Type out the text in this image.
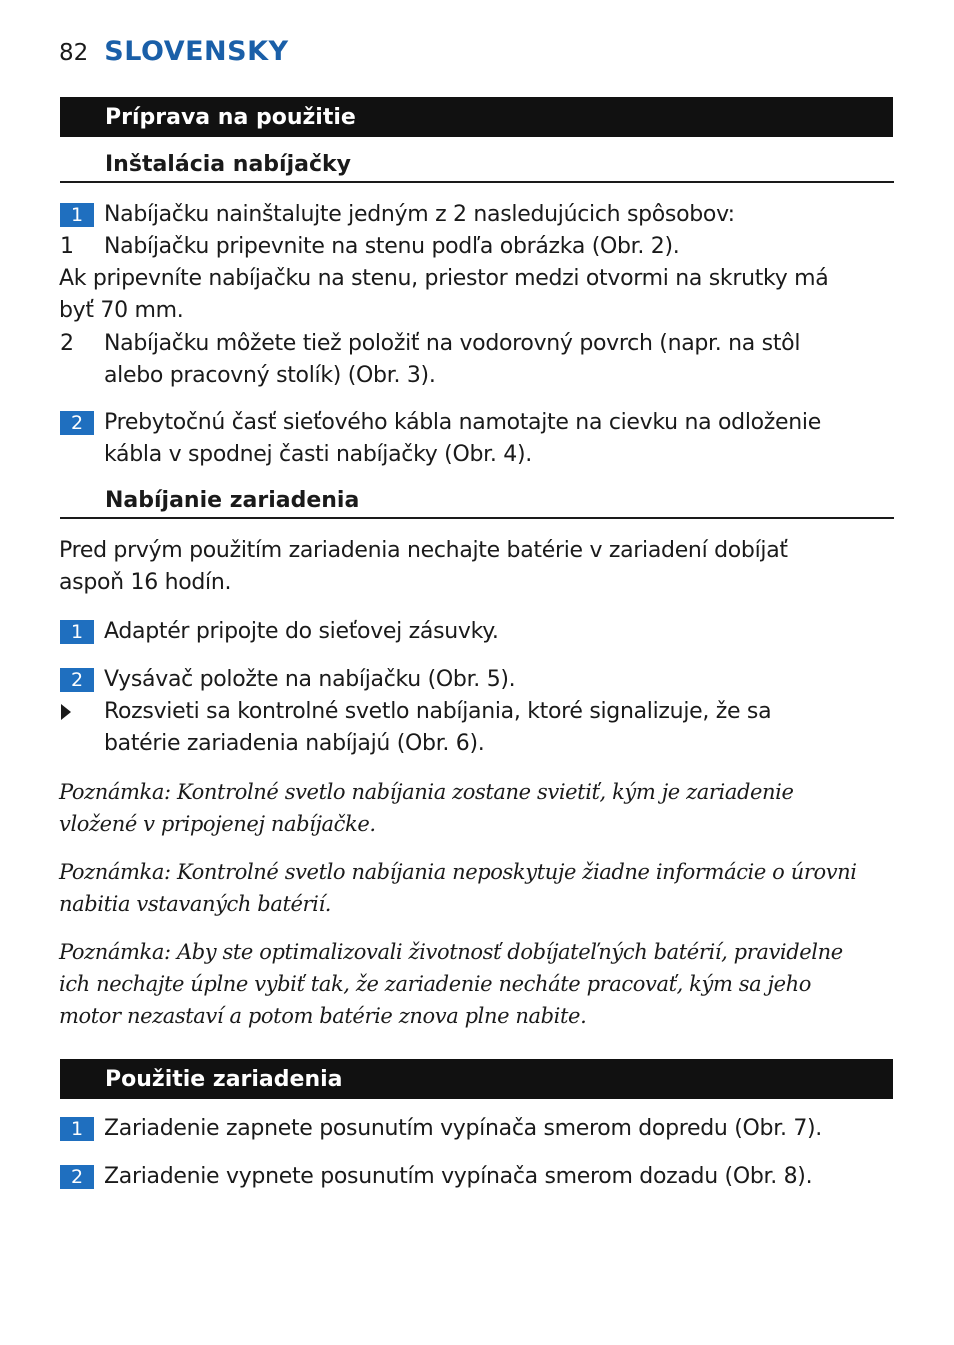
82 SLOVENSKY
Príprava na použitie
Inštalácia nabíjačky
1 Nabíjačku nainštalujte jedným z 2 nasledujúcich spôsobov:
1	Nabíjačku pripevnite na stenu podľa obrázka (Obr. 2).
Ak pripevníte nabíjačku na stenu, priestor medzi otvormi na skrutky má
byť 70 mm.
2	Nabíjačku môžete tiež položiť na vodorovný povrch (napr. na stôl
alebo pracovný stolík) (Obr. 3).
2 Prebytočnú časť sieťového kábla namotajte na cievku na odloženie
kábla v spodnej časti nabíjačky (Obr. 4).
Nabíjanie zariadenia
Pred prvým použitím zariadenia nechajte batérie v zariadení dobíjať
aspoň 16 hodín.
1 Adaptér pripojte do sieťovej zásuvky.
2 Vysávač položte na nabíjačku (Obr. 5).
Rozsvieti sa kontrolné svetlo nabíjania, ktoré signalizuje, že sa
batérie zariadenia nabíjajú (Obr. 6).
Poznámka: Kontrolné svetlo nabíjania zostane svietiť, kým je zariadenie
vložené v pripojenej nabíjačke.
Poznámka: Kontrolné svetlo nabíjania neposkytuje žiadne informácie o úrovni
nabitia vstavaných batérií.
Poznámka: Aby ste optimalizovali životnosť dobíjateľných batérií, pravidelne
ich nechajte úplne vybiť tak, že zariadenie necháte pracovať, kým sa jeho
motor nezastaví a potom batérie znova plne nabite.
Použitie zariadenia
1 Zariadenie zapnete posunutím vypínača smerom dopredu (Obr. 7).
2 Zariadenie vypnete posunutím vypínača smerom dozadu (Obr. 8).
